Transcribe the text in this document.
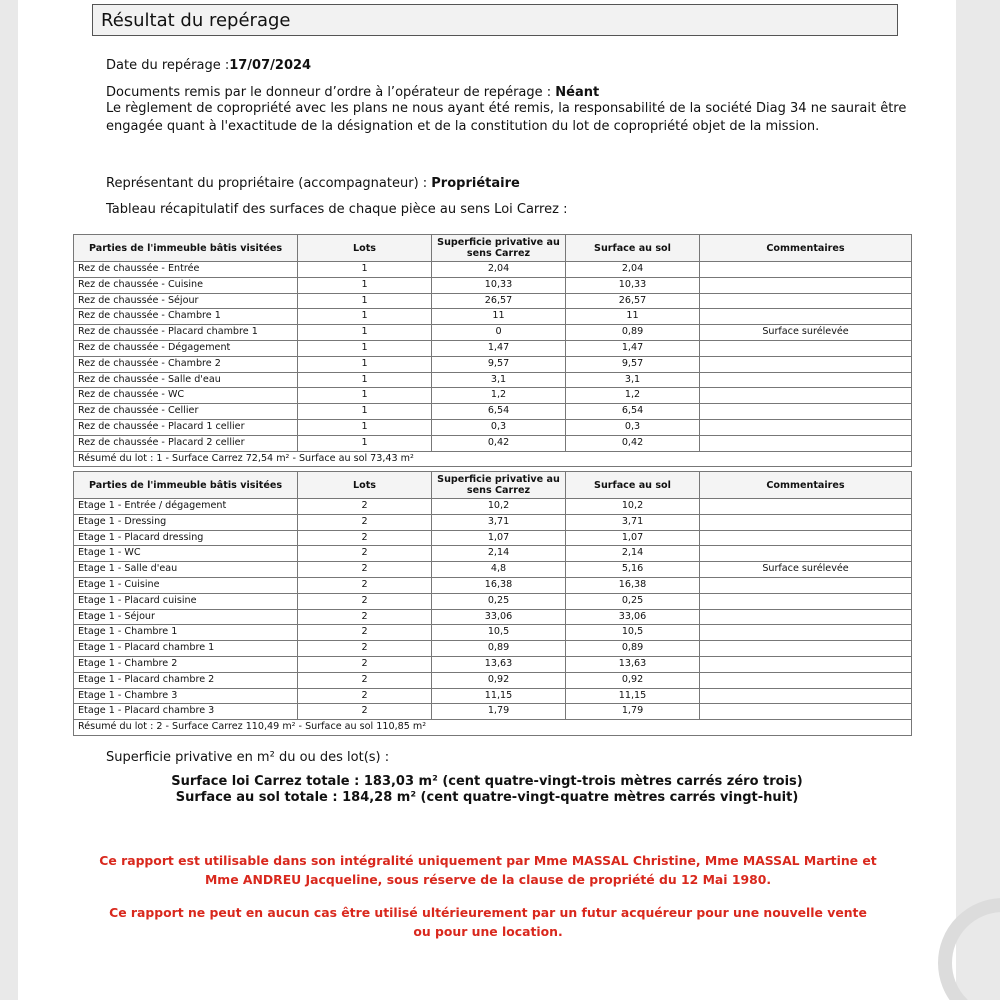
Résultat du repérage
Date du repérage :17/07/2024
Documents remis par le donneur d’ordre à l’opérateur de repérage : Néant
Le règlement de copropriété avec les plans ne nous ayant été remis, la responsabilité de la société Diag 34 ne saurait être
engagée quant à l'exactitude de la désignation et de la constitution du lot de copropriété objet de la mission.
Représentant du propriétaire (accompagnateur) : Propriétaire
Tableau récapitulatif des surfaces de chaque pièce au sens Loi Carrez :
Parties de l'immeuble bâtis visitées	Lots	Superficie privative au sens Carrez	Surface au sol	Commentaires
Rez de chaussée - Entrée	1	2,04	2,04	
Rez de chaussée - Cuisine	1	10,33	10,33	
Rez de chaussée - Séjour	1	26,57	26,57	
Rez de chaussée - Chambre 1	1	11	11	
Rez de chaussée - Placard chambre 1	1	0	0,89	Surface surélevée
Rez de chaussée - Dégagement	1	1,47	1,47	
Rez de chaussée - Chambre 2	1	9,57	9,57	
Rez de chaussée - Salle d'eau	1	3,1	3,1	
Rez de chaussée - WC	1	1,2	1,2	
Rez de chaussée - Cellier	1	6,54	6,54	
Rez de chaussée - Placard 1 cellier	1	0,3	0,3	
Rez de chaussée - Placard 2 cellier	1	0,42	0,42	
Résumé du lot : 1 - Surface Carrez 72,54 m² - Surface au sol 73,43 m²				
Parties de l'immeuble bâtis visitées	Lots	Superficie privative au sens Carrez	Surface au sol	Commentaires
Etage 1 - Entrée / dégagement	2	10,2	10,2	
Etage 1 - Dressing	2	3,71	3,71	
Etage 1 - Placard dressing	2	1,07	1,07	
Etage 1 - WC	2	2,14	2,14	
Etage 1 - Salle d'eau	2	4,8	5,16	Surface surélevée
Etage 1 - Cuisine	2	16,38	16,38	
Etage 1 - Placard cuisine	2	0,25	0,25	
Etage 1 - Séjour	2	33,06	33,06	
Etage 1 - Chambre 1	2	10,5	10,5	
Etage 1 - Placard chambre 1	2	0,89	0,89	
Etage 1 - Chambre 2	2	13,63	13,63	
Etage 1 - Placard chambre 2	2	0,92	0,92	
Etage 1 - Chambre 3	2	11,15	11,15	
Etage 1 - Placard chambre 3	2	1,79	1,79	
Résumé du lot : 2 - Surface Carrez 110,49 m² - Surface au sol 110,85 m²				
Superficie privative en m² du ou des lot(s) :
Surface loi Carrez totale : 183,03 m² (cent quatre-vingt-trois mètres carrés zéro trois)
Surface au sol totale : 184,28 m² (cent quatre-vingt-quatre mètres carrés vingt-huit)
Ce rapport est utilisable dans son intégralité uniquement par Mme MASSAL Christine, Mme MASSAL Martine et
Mme ANDREU Jacqueline, sous réserve de la clause de propriété du 12 Mai 1980.
Ce rapport ne peut en aucun cas être utilisé ultérieurement par un futur acquéreur pour une nouvelle vente
ou pour une location.
